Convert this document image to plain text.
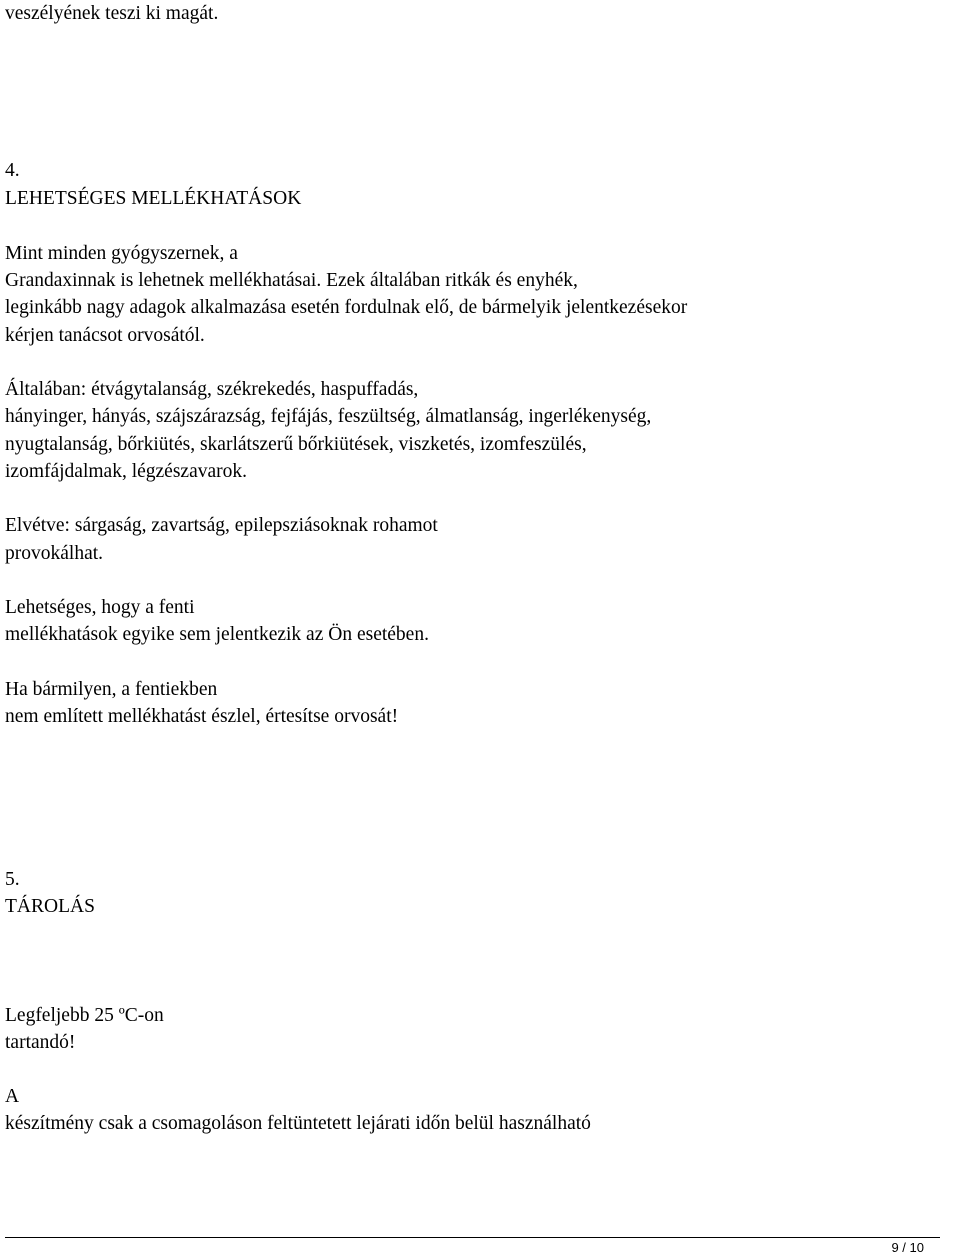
veszélyének teszi ki magát.
4.
LEHETSÉGES MELLÉKHATÁSOK
Mint minden gyógyszernek, a
Grandaxinnak is lehetnek mellékhatásai. Ezek általában ritkák és enyhék,
leginkább nagy adagok alkalmazása esetén fordulnak elő, de bármelyik jelentkezésekor
kérjen tanácsot orvosától.
Általában: étvágytalanság, székrekedés, haspuffadás,
hányinger, hányás, szájszárazság, fejfájás, feszültség, álmatlanság, ingerlékenység,
nyugtalanság, bőrkiütés, skarlátszerű bőrkiütések, viszketés, izomfeszülés,
izomfájdalmak, légzészavarok.
Elvétve: sárgaság, zavartság, epilepsziásoknak rohamot
provokálhat.
Lehetséges, hogy a fenti
mellékhatások egyike sem jelentkezik az Ön esetében.
Ha bármilyen, a fentiekben
nem említett mellékhatást észlel, értesítse orvosát!
5.
TÁROLÁS
Legfeljebb 25 ºC-on
tartandó!
A
készítmény csak a csomagoláson feltüntetett lejárati időn belül használható
9 / 10
